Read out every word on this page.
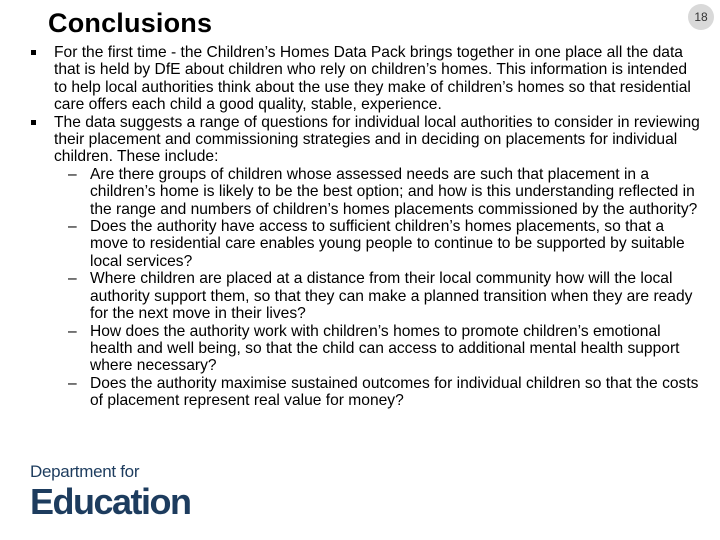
Conclusions	18
For the first time - the Children’s Homes Data Pack brings together in one place all the data that is held by DfE about children who rely on children’s homes. This information is intended to help local authorities think about the use they make of children’s homes so that residential care offers each child a good quality, stable, experience.
The data suggests a range of questions for individual local authorities to consider in reviewing their placement and commissioning strategies and in deciding on placements for individual children. These include:
– Are there groups of children whose assessed needs are such that placement in a children’s home is likely to be the best option; and how is this understanding reflected in the range and numbers of children’s homes placements commissioned by the authority?
– Does the authority have access to sufficient children’s homes placements, so that a move to residential care enables young people to continue to be supported by suitable local services?
– Where children are placed at a distance from their local community how will the local authority support them, so that they can make a planned transition when they are ready for the next move in their lives?
– How does the authority work with children’s homes to promote children’s emotional health and well being, so that the child can access to additional mental health support where necessary?
– Does the authority maximise sustained outcomes for individual children so that the costs of placement represent real value for money?
Department for
Education
